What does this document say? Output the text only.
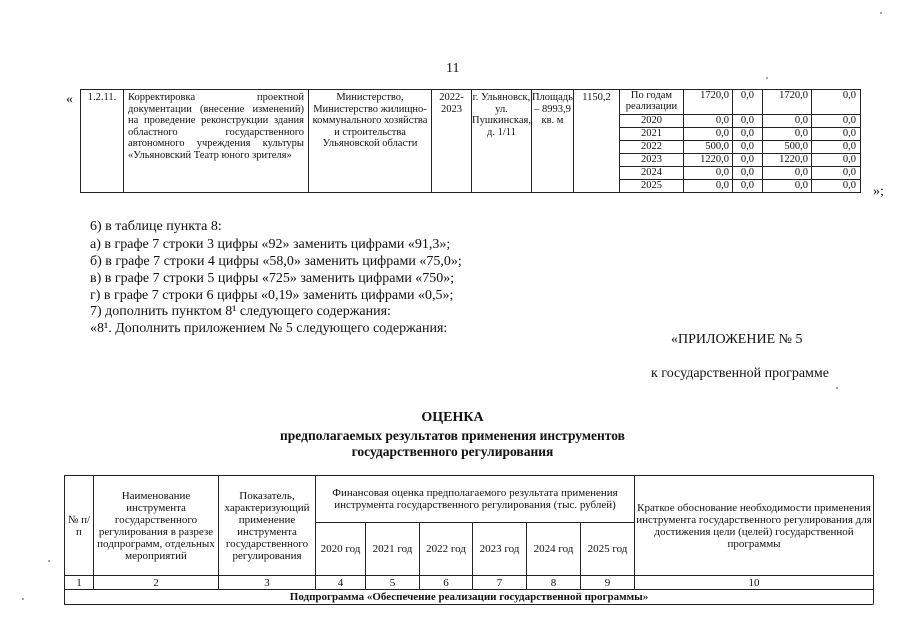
11
« 1.2.11.	Корректировка проектной документации (внесение изменений) на проведение реконструкции здания областного государственного автономного учреждения культуры «Ульяновский Театр юного зрителя»	Министерство, Министерство жилищно-коммунального хозяйства и строительства Ульяновской области	2022-2023	г. Ульяновск, ул. Пушкинская, д. 1/11	Площадь – 8993,9 кв. м	1150,2	По годам реализации	1720,0	0,0	1720,0	0,0
							2020	0,0	0,0	0,0	0,0
							2021	0,0	0,0	0,0	0,0
							2022	500,0	0,0	500,0	0,0
							2023	1220,0	0,0	1220,0	0,0
							2024	0,0	0,0	0,0	0,0
							2025	0,0	0,0	0,0	0,0 »;
6) в таблице пункта 8:
а) в графе 7 строки 3 цифры «92» заменить цифрами «91,3»;
б) в графе 7 строки 4 цифры «58,0» заменить цифрами «75,0»;
в) в графе 7 строки 5 цифры «725» заменить цифрами «750»;
г) в графе 7 строки 6 цифры «0,19» заменить цифрами «0,5»;
7) дополнить пунктом 8¹ следующего содержания:
«8¹. Дополнить приложением № 5 следующего содержания:
«ПРИЛОЖЕНИЕ № 5
к государственной программе
ОЦЕНКА
предполагаемых результатов применения инструментов
государственного регулирования
№ п/п	Наименование инструмента государственного регулирования в разрезе подпрограмм, отдельных мероприятий	Показатель, характеризующий применение инструмента государственного регулирования	Финансовая оценка предполагаемого результата применения инструмента государственного регулирования (тыс. рублей)						Краткое обоснование необходимости применения инструмента государственного регулирования для достижения цели (целей) государственной программы
			2020 год	2021 год	2022 год	2023 год	2024 год	2025 год	
1	2	3	4	5	6	7	8	9	10
Подпрограмма «Обеспечение реализации государственной программы»									
